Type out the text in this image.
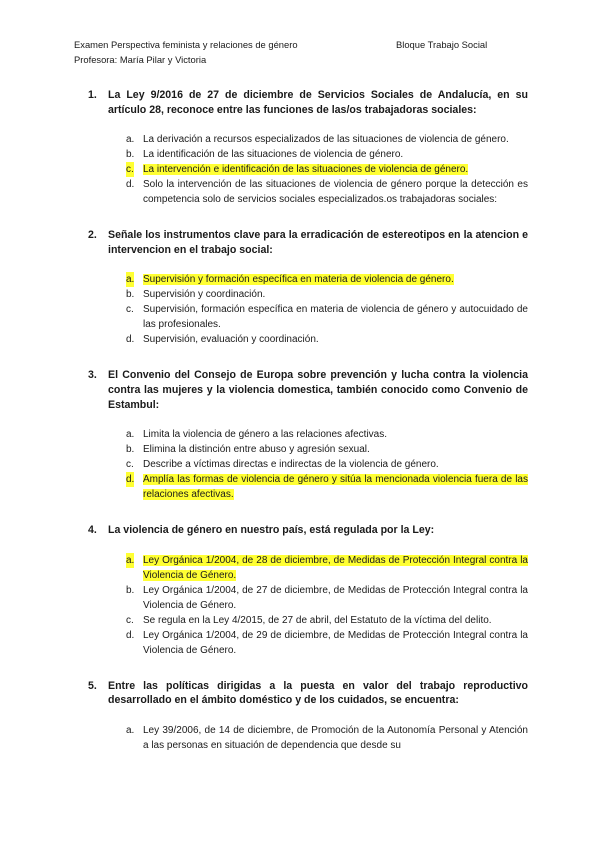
Examen Perspectiva feminista y relaciones de género	Bloque Trabajo Social
Profesora: María Pilar y Victoria
1.	La Ley 9/2016 de 27 de diciembre de Servicios Sociales de Andalucía, en su artículo 28, reconoce entre las funciones de las/os trabajadoras sociales:
a. La derivación a recursos especializados de las situaciones de violencia de género.
b. La identificación de las situaciones de violencia de género.
c. La intervención e identificación de las situaciones de violencia de género.
d. Solo la intervención de las situaciones de violencia de género porque la detección es competencia solo de servicios sociales especializados.os trabajadoras sociales:
2.	Señale los instrumentos clave para la erradicación de estereotipos en la atencion e intervencion en el trabajo social:
a. Supervisión y formación específica en materia de violencia de género.
b. Supervisión y coordinación.
c. Supervisión, formación específica en materia de violencia de género y autocuidado de las profesionales.
d. Supervisión, evaluación y coordinación.
3.	El Convenio del Consejo de Europa sobre prevención y lucha contra la violencia contra las mujeres y la violencia domestica, también conocido como Convenio de Estambul:
a. Limita la violencia de género a las relaciones afectivas.
b. Elimina la distinción entre abuso y agresión sexual.
c. Describe a víctimas directas e indirectas de la violencia de género.
d. Amplía las formas de violencia de género y sitúa la mencionada violencia fuera de las relaciones afectivas.
4.	La violencia de género en nuestro país, está regulada por la Ley:
a. Ley Orgánica 1/2004, de 28 de diciembre, de Medidas de Protección Integral contra la Violencia de Género.
b. Ley Orgánica 1/2004, de 27 de diciembre, de Medidas de Protección Integral contra la Violencia de Género.
c. Se regula en la Ley 4/2015, de 27 de abril, del Estatuto de la víctima del delito.
d. Ley Orgánica 1/2004, de 29 de diciembre, de Medidas de Protección Integral contra la Violencia de Género.
5.	Entre las políticas dirigidas a la puesta en valor del trabajo reproductivo desarrollado en el ámbito doméstico y de los cuidados, se encuentra:
a. Ley 39/2006, de 14 de diciembre, de Promoción de la Autonomía Personal y Atención a las personas en situación de dependencia que desde su
